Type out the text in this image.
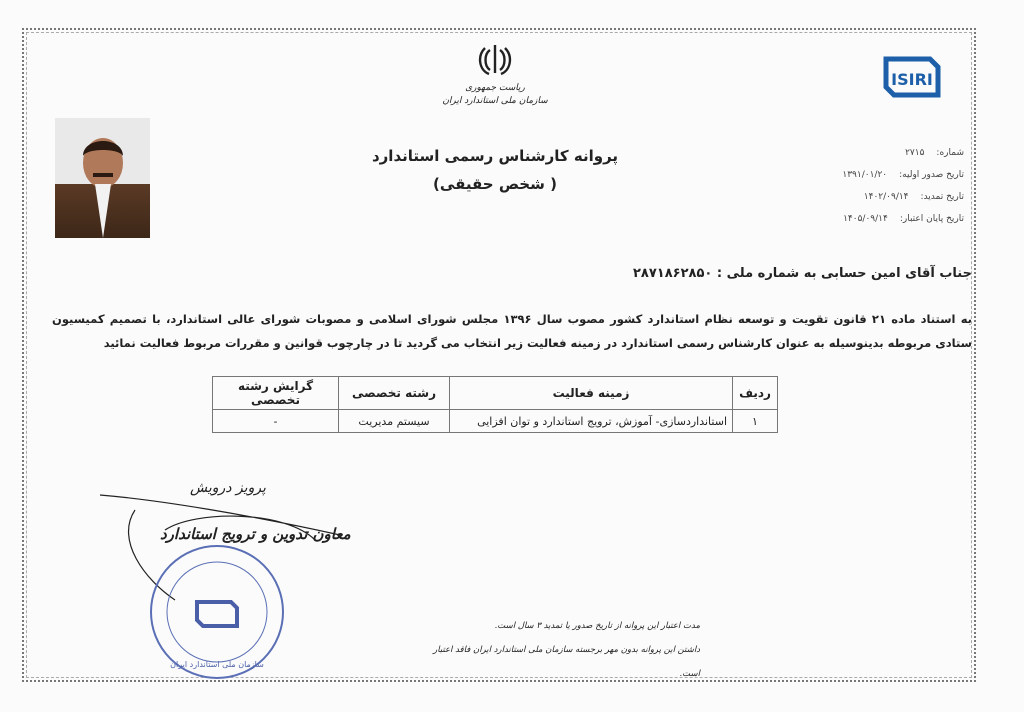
ریاست جمهوری
سازمان ملی استاندارد ایران
پروانه کارشناس رسمی استاندارد
( شخص حقیقی)
ISIRI
شماره:۲۷۱۵
تاریخ صدور اولیه:۱۳۹۱/۰۱/۲۰
تاریخ تمدید:۱۴۰۲/۰۹/۱۴
تاریخ پایان اعتبار:۱۴۰۵/۰۹/۱۴
جناب آقای امین حسابی به شماره ملی : ۲۸۷۱۸۶۲۸۵۰
به استناد ماده ۲۱ قانون تقویت و توسعه نظام استاندارد کشور مصوب سال ۱۳۹۶ مجلس شورای اسلامی و مصوبات شورای عالی استاندارد، با تصمیم کمیسیون ستادی مربوطه بدینوسیله به عنوان کارشناس رسمی استاندارد در زمینه فعالیت زیر انتخاب می گردید تا در چارچوب قوانین و مقررات مربوط فعالیت نمائید
ردیف	زمینه فعالیت	رشته تخصصی	گرایش رشته تخصصی
۱	استانداردسازی- آموزش، ترویج استاندارد و توان افزایی	سیستم مدیریت	-
پرویز درویش
معاون تدوین و ترویج استاندارد
سازمان ملی استاندارد ایران
مدت اعتبار این پروانه از تاریخ صدور یا تمدید ۳ سال است.
داشتن این پروانه بدون مهر برجسته سازمان ملی استاندارد ایران فاقد اعتبار است.
